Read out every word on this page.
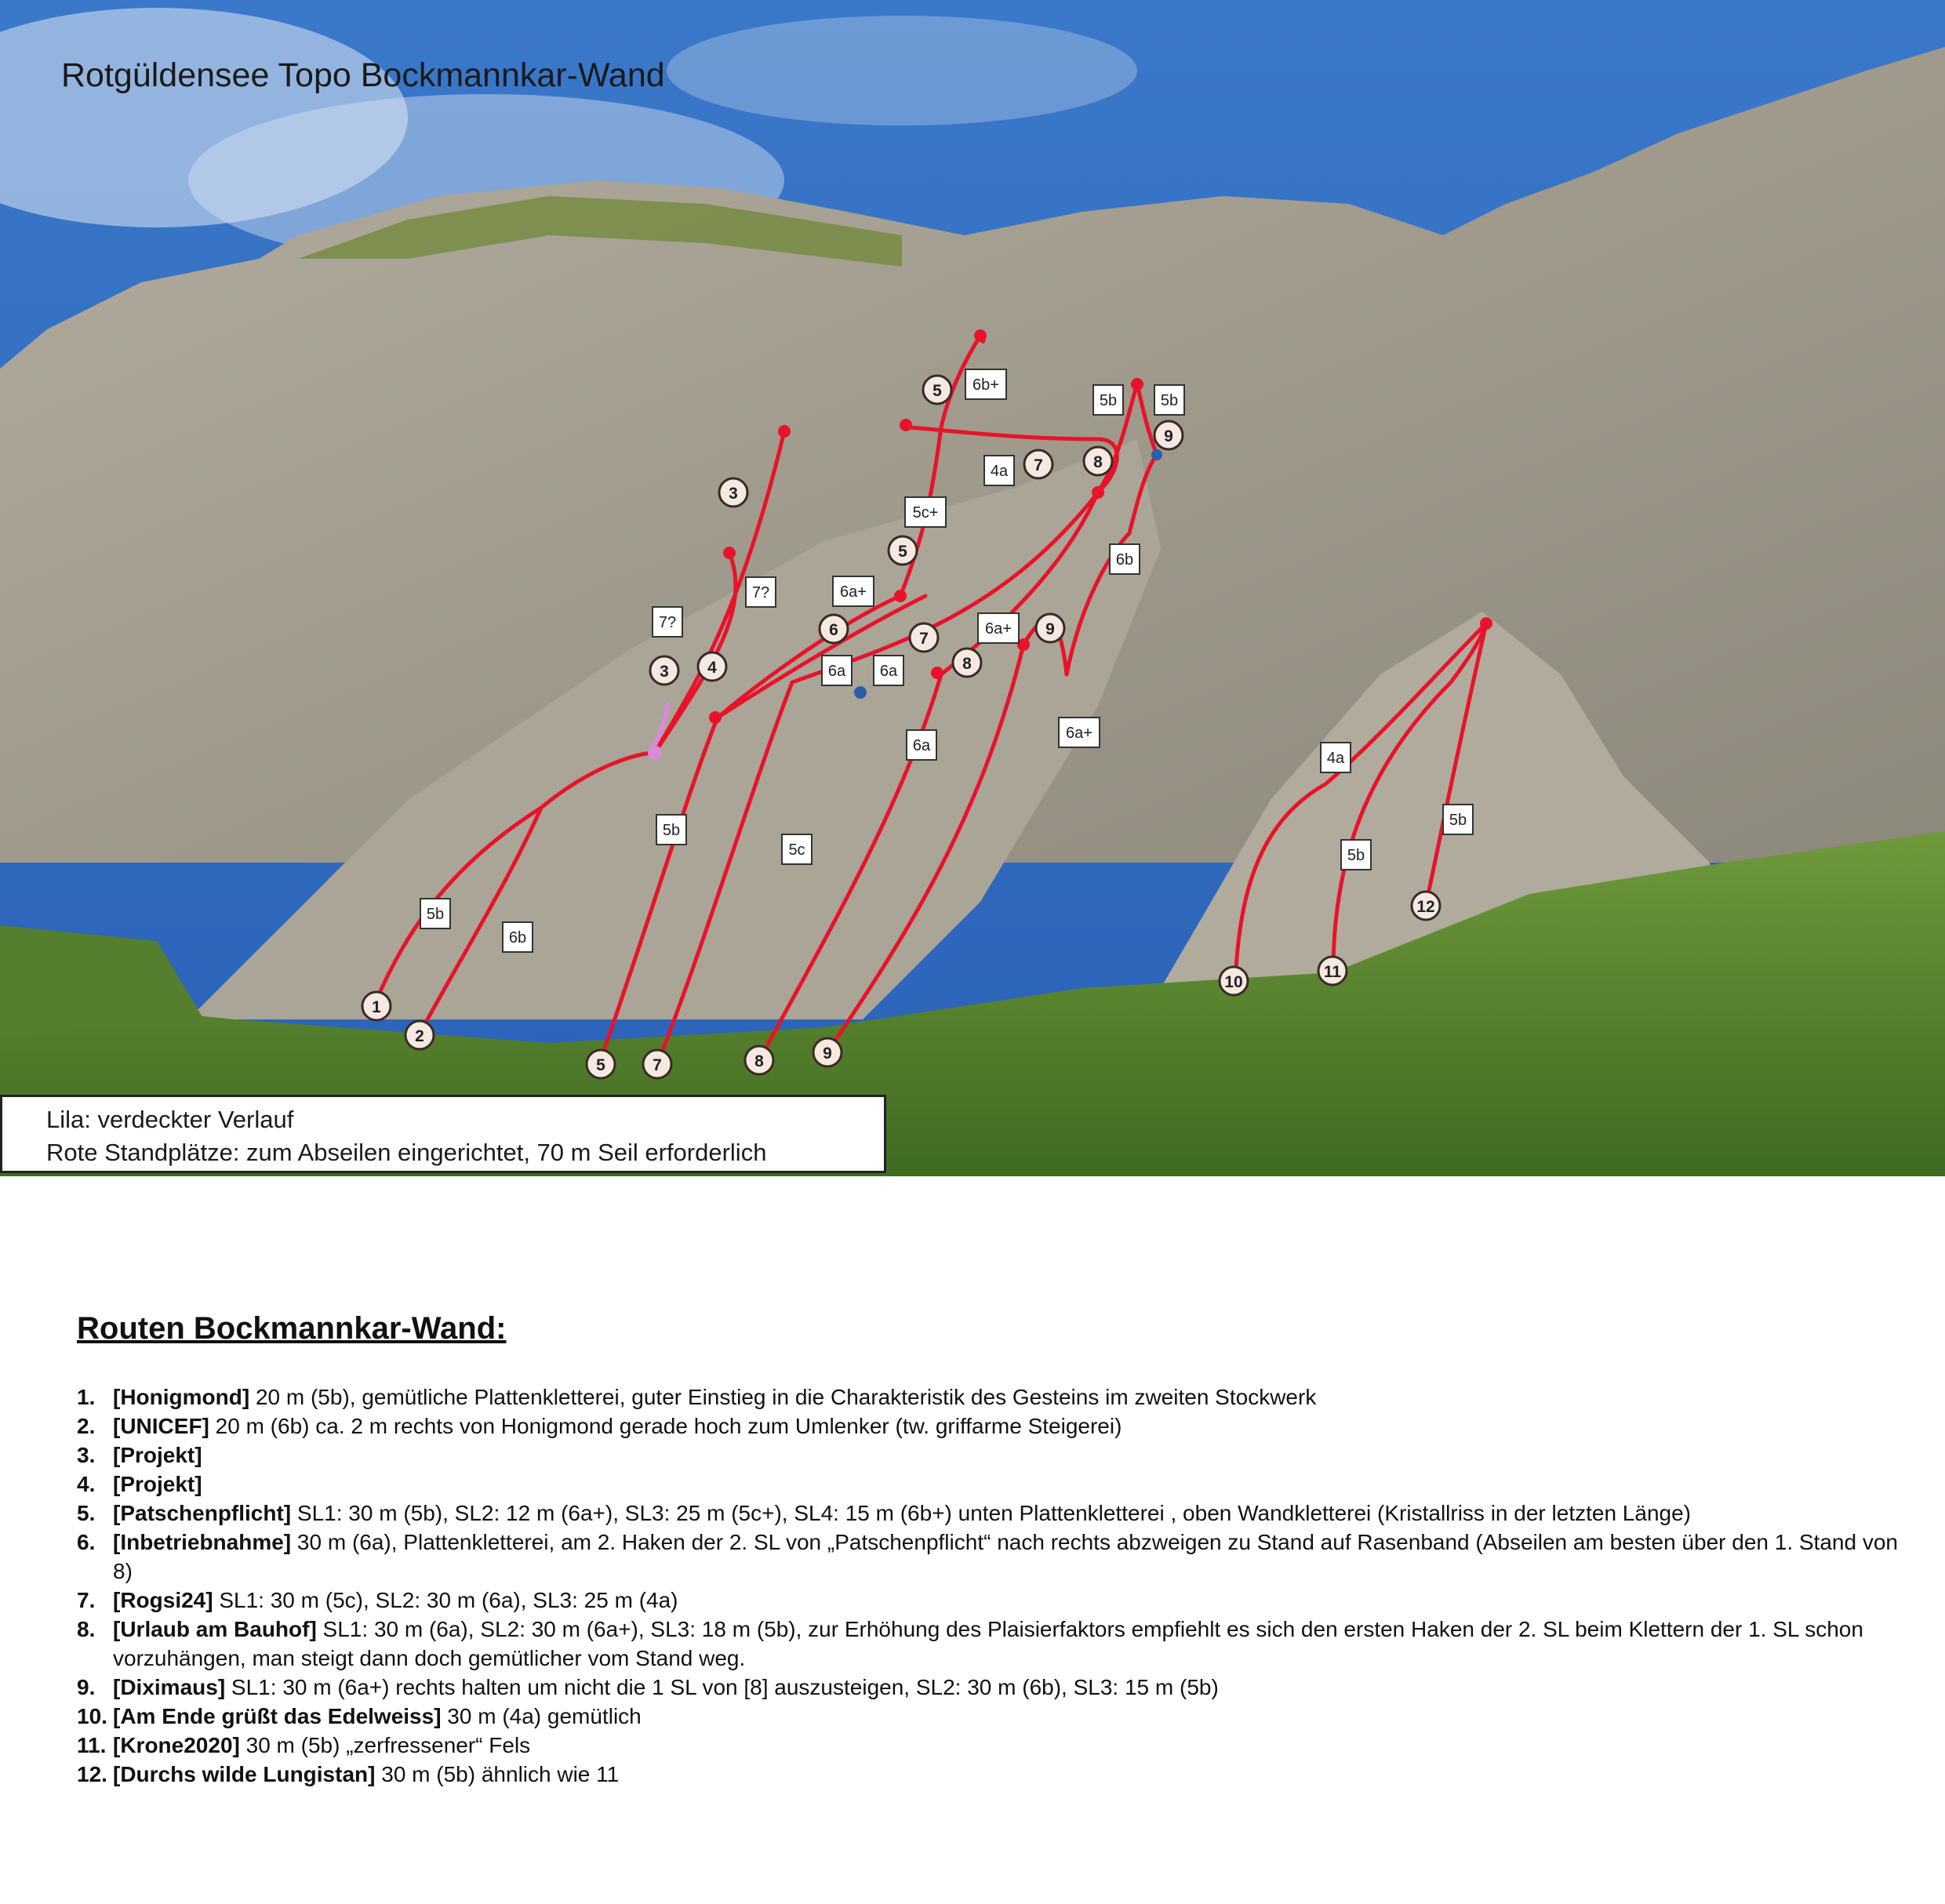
1
2
3
3 4
5
5
5
6	7
7
7	8
8
8
9
9
9
10
11
12
5b
6b
7?
7?
5b
5c
6a 6a
6a
6a+
6a+
6a+
5c+
4a
6b+
5b	5b
6b
4a
5b
5b
Rotgüldensee Topo Bockmannkar-Wand
Lila: verdeckter Verlauf
Rote Standplätze: zum Abseilen eingerichtet, 70 m Seil erforderlich
Routen Bockmannkar-Wand:
1. [Honigmond] 20 m (5b), gemütliche Plattenkletterei, guter Einstieg in die Charakteristik des Gesteins im zweiten Stockwerk
2. [UNICEF] 20 m (6b) ca. 2 m rechts von Honigmond gerade hoch zum Umlenker (tw. griffarme Steigerei)
3. [Projekt]
4. [Projekt]
5. [Patschenpflicht] SL1: 30 m (5b), SL2: 12 m (6a+), SL3: 25 m (5c+), SL4: 15 m (6b+) unten Plattenkletterei , oben Wandkletterei (Kristallriss in der letzten Länge)
6. [Inbetriebnahme] 30 m (6a), Plattenkletterei, am 2. Haken der 2. SL von „Patschenpflicht“ nach rechts abzweigen zu Stand auf Rasenband (Abseilen am besten über den 1. Stand von 8)
7. [Rogsi24] SL1: 30 m (5c), SL2: 30 m (6a), SL3: 25 m (4a)
8. [Urlaub am Bauhof] SL1: 30 m (6a), SL2: 30 m (6a+), SL3: 18 m (5b), zur Erhöhung des Plaisierfaktors empfiehlt es sich den ersten Haken der 2. SL beim Klettern der 1. SL schon vorzuhängen, man steigt dann doch gemütlicher vom Stand weg.
9. [Diximaus] SL1: 30 m (6a+) rechts halten um nicht die 1 SL von [8] auszusteigen, SL2: 30 m (6b), SL3: 15 m (5b)
10. [Am Ende grüßt das Edelweiss] 30 m (4a) gemütlich
11. [Krone2020] 30 m (5b) „zerfressener“ Fels
12. [Durchs wilde Lungistan] 30 m (5b) ähnlich wie 11
